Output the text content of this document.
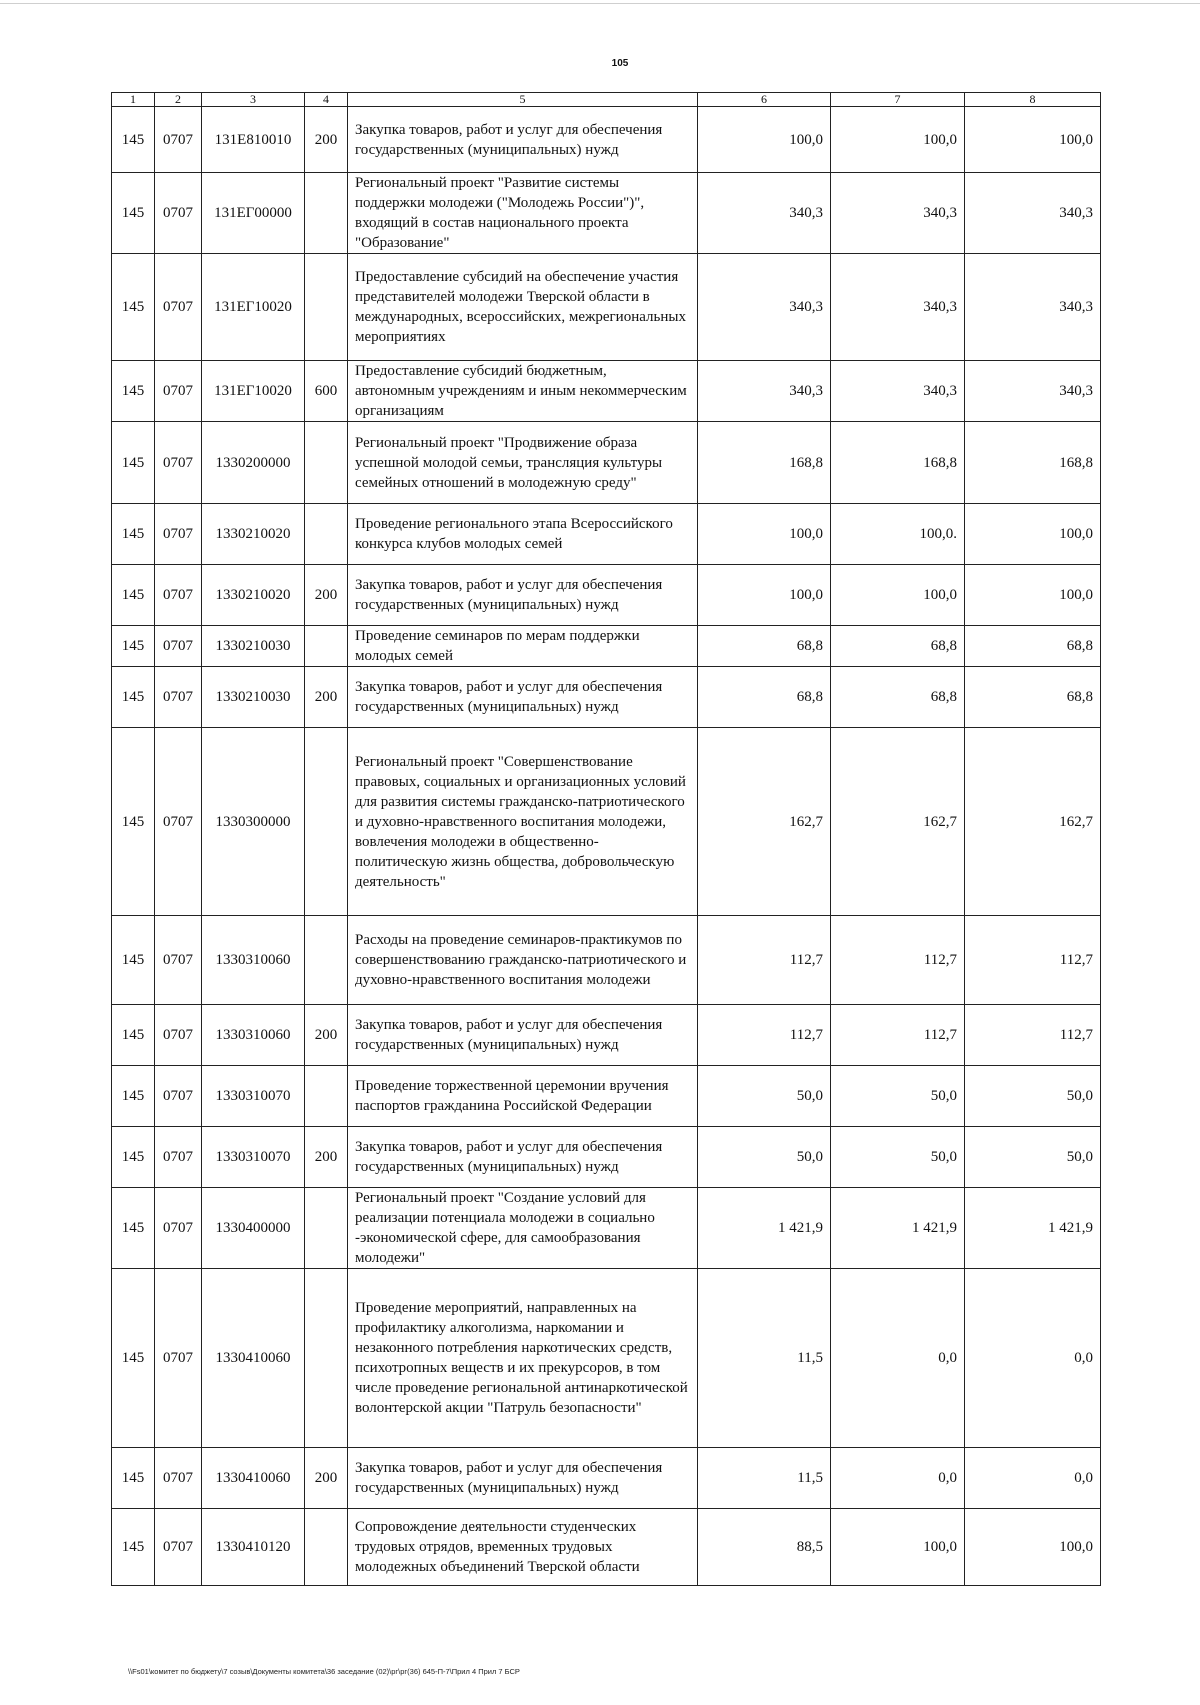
105
1	2	3	4	5	6	7	8
145	0707	131Е810010	200	Закупка товаров, работ и услуг для обеспечения государственных (муниципальных) нужд	100,0	100,0	100,0
145	0707	131ЕГ00000		Региональный проект "Развитие системы поддержки молодежи ("Молодежь России")", входящий в состав национального проекта "Образование"	340,3	340,3	340,3
145	0707	131ЕГ10020		Предоставление субсидий на обеспечение участия представителей молодежи Тверской области в международных, всероссийских, межрегиональных мероприятиях	340,3	340,3	340,3
145	0707	131ЕГ10020	600	Предоставление субсидий бюджетным, автономным учреждениям и иным некоммерческим организациям	340,3	340,3	340,3
145	0707	1330200000		Региональный проект "Продвижение образа успешной молодой семьи, трансляция культуры семейных отношений в молодежную среду"	168,8	168,8	168,8
145	0707	1330210020		Проведение регионального этапа Всероссийского конкурса клубов молодых семей	100,0	100,0.	100,0
145	0707	1330210020	200	Закупка товаров, работ и услуг для обеспечения государственных (муниципальных) нужд	100,0	100,0	100,0
145	0707	1330210030		Проведение семинаров по мерам поддержки молодых семей	68,8	68,8	68,8
145	0707	1330210030	200	Закупка товаров, работ и услуг для обеспечения государственных (муниципальных) нужд	68,8	68,8	68,8
145	0707	1330300000		Региональный проект "Совершенствование правовых, социальных и организационных условий для развития системы гражданско-патриотического и духовно-нравственного воспитания молодежи, вовлечения молодежи в общественно-политическую жизнь общества, добровольческую деятельность"	162,7	162,7	162,7
145	0707	1330310060		Расходы на проведение семинаров-практикумов по совершенствованию гражданско-патриотического и духовно-нравственного воспитания молодежи	112,7	112,7	112,7
145	0707	1330310060	200	Закупка товаров, работ и услуг для обеспечения государственных (муниципальных) нужд	112,7	112,7	112,7
145	0707	1330310070		Проведение торжественной церемонии вручения паспортов гражданина Российской Федерации	50,0	50,0	50,0
145	0707	1330310070	200	Закупка товаров, работ и услуг для обеспечения государственных (муниципальных) нужд	50,0	50,0	50,0
145	0707	1330400000		Региональный проект "Создание условий для реализации потенциала молодежи в социально -экономической сфере, для самообразования молодежи"	1 421,9	1 421,9	1 421,9
145	0707	1330410060		Проведение мероприятий, направленных на профилактику алкоголизма, наркомании и незаконного потребления наркотических средств, психотропных веществ и их прекурсоров, в том числе проведение региональной антинаркотической волонтерской акции "Патруль безопасности"	11,5	0,0	0,0
145	0707	1330410060	200	Закупка товаров, работ и услуг для обеспечения государственных (муниципальных) нужд	11,5	0,0	0,0
145	0707	1330410120		Сопровождение деятельности студенческих трудовых отрядов, временных трудовых молодежных объединений Тверской области	88,5	100,0	100,0
\\Fs01\комитет по бюджету\7 созыв\Документы комитета\36 заседание (02)\рг\рг(36) 645-П-7\Прил 4 Прил 7 БСР
